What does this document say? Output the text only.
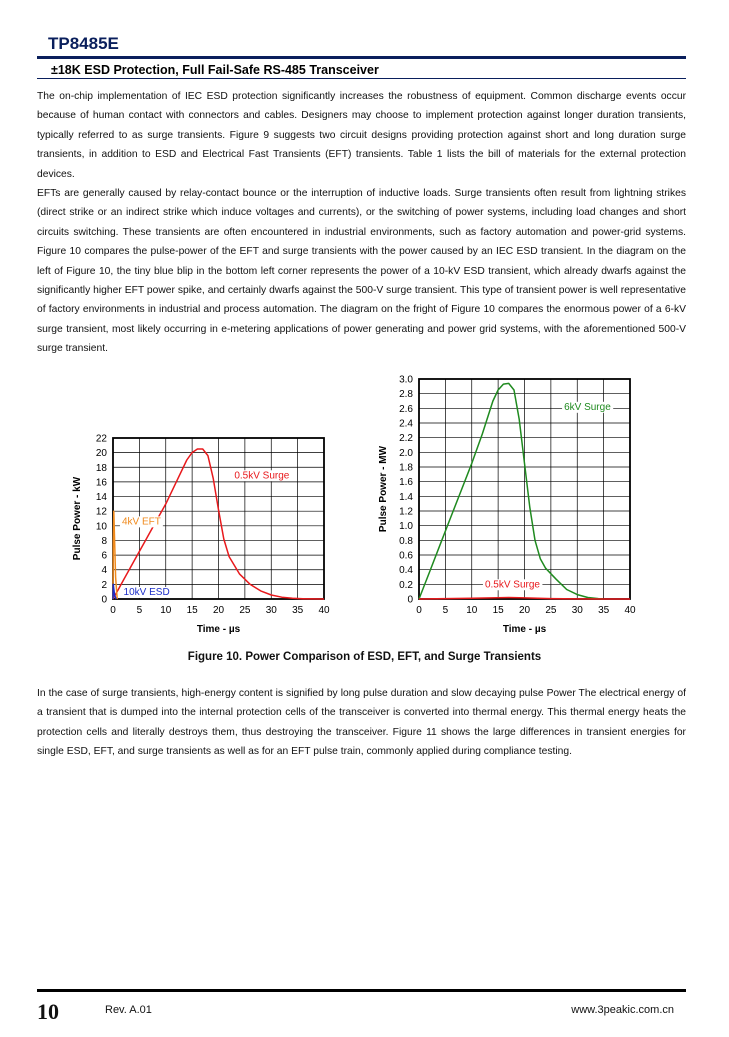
TP8485E
±18K ESD Protection, Full Fail-Safe RS-485 Transceiver

The on-chip implementation of IEC ESD protection significantly increases the robustness of equipment. Common discharge events occur because of human contact with connectors and cables. Designers may choose to implement protection against longer duration transients, typically referred to as surge transients. Figure 9 suggests two circuit designs providing protection against short and long duration surge transients, in addition to ESD and Electrical Fast Transients (EFT) transients. Table 1 lists the bill of materials for the external protection devices.

EFTs are generally caused by relay-contact bounce or the interruption of inductive loads. Surge transients often result from lightning strikes (direct strike or an indirect strike which induce voltages and currents), or the switching of power systems, including load changes and short circuits switching. These transients are often encountered in industrial environments, such as factory automation and power-grid systems. Figure 10 compares the pulse-power of the EFT and surge transients with the power caused by an IEC ESD transient. In the diagram on the left of Figure 10, the tiny blue blip in the bottom left corner represents the power of a 10-kV ESD transient, which already dwarfs against the significantly higher EFT power spike, and certainly dwarfs against the 500-V surge transient. This type of transient power is well representative of factory environments in industrial and process automation. The diagram on the fright of Figure 10 compares the enormous power of a 6-kV surge transient, most likely occurring in e-metering applications of power generating and power grid systems, with the aforementioned 500-V surge transient.

0 5 10 15 20 25 30 35 40
0
2
4
6
8
10
12
14
16
18
20
22
Time - µs
Pulse Power - kW
0.5kV Surge
4kV EFT
10kV ESD
0 5 10 15 20 25 30 35 40
0
0.2
0.4
0.6
0.8
1.0
1.2
1.4
1.6
1.8
2.0
2.2
2.4
2.6
2.8
3.0
Time - µs
Pulse Power - MW
6kV Surge
0.5kV Surge
Figure 10. Power Comparison of ESD, EFT, and Surge Transients

In the case of surge transients, high-energy content is signified by long pulse duration and slow decaying pulse Power The electrical energy of a transient that is dumped into the internal protection cells of the transceiver is converted into thermal energy. This thermal energy heats the protection cells and literally destroys them, thus destroying the transceiver. Figure 11 shows the large differences in transient energies for single ESD, EFT, and surge transients as well as for an EFT pulse train, commonly applied during compliance testing.

10	Rev. A.01	www.3peakic.com.cn
